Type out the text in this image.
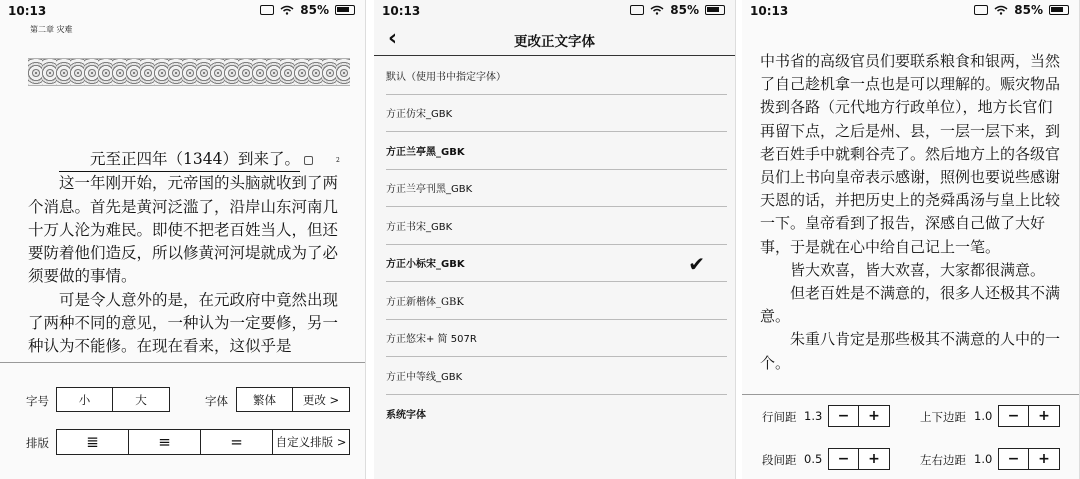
10:13	85%
第二章 灾难

元至正四年（1344）到来了。	2

这一年刚开始，元帝国的头脑就收到了两个消息。首先是黄河泛滥了，沿岸山东河南几十万人沦为难民。即使不把老百姓当人，但还要防着他们造反，所以修黄河河堤就成为了必须要做的事情。

可是令人意外的是，在元政府中竟然出现了两种不同的意见，一种认为一定要修，另一种认为不能修。在现在看来，这似乎是

字号	小	大	字体	繁体	更改 >
排版	≣	≡	=	自定义排版 >
10:13	85%
‹	更改正文字体
默认（使用书中指定字体）
方正仿宋_GBK
方正兰亭黑_GBK
方正兰亭刊黑_GBK
方正书宋_GBK
方正小标宋_GBK	✔
方正新楷体_GBK
方正悠宋+ 简 507R
方正中等线_GBK
系统字体
10:13	85%

中书省的高级官员们要联系粮食和银两，当然了自己趁机拿一点也是可以理解的。赈灾物品拨到各路（元代地方行政单位），地方长官们再留下点，之后是州、县，一层一层下来，到老百姓手中就剩谷壳了。然后地方上的各级官员们上书向皇帝表示感谢，照例也要说些感谢天恩的话，并把历史上的尧舜禹汤与皇上比较一下。皇帝看到了报告，深感自己做了大好事，于是就在心中给自己记上一笔。

皆大欢喜，皆大欢喜，大家都很满意。

但老百姓是不满意的，很多人还极其不满意。

朱重八肯定是那些极其不满意的人中的一个。

行间距 1.3	−	+	上下边距 1.0	−	+
段间距 0.5	−	+	左右边距 1.0	−	+
